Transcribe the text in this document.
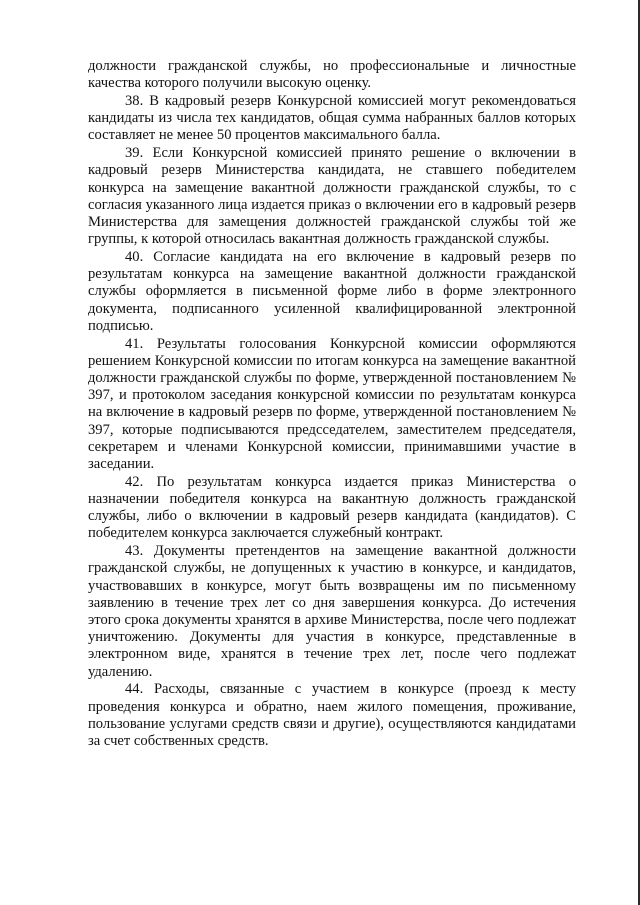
должности гражданской службы, но профессиональные и личностные качества которого получили высокую оценку.

38. В кадровый резерв Конкурсной комиссией могут рекомендоваться кандидаты из числа тех кандидатов, общая сумма набранных баллов которых составляет не менее 50 процентов максимального балла.

39. Если Конкурсной комиссией принято решение о включении в кадровый резерв Министерства кандидата, не ставшего победителем конкурса на замещение вакантной должности гражданской службы, то с согласия указанного лица издается приказ о включении его в кадровый резерв Министерства для замещения должностей гражданской службы той же группы, к которой относилась вакантная должность гражданской службы.

40. Согласие кандидата на его включение в кадровый резерв по результатам конкурса на замещение вакантной должности гражданской службы оформляется в письменной форме либо в форме электронного документа, подписанного усиленной квалифицированной электронной подписью.

41. Результаты голосования Конкурсной комиссии оформляются решением Конкурсной комиссии по итогам конкурса на замещение вакантной должности гражданской службы по форме, утвержденной постановлением № 397, и протоколом заседания конкурсной комиссии по результатам конкурса на включение в кадровый резерв по форме, утвержденной постановлением № 397, которые подписываются предсседателем, заместителем председателя, секретарем и членами Конкурсной комиссии, принимавшими участие в заседании.

42. По результатам конкурса издается приказ Министерства о назначении победителя конкурса на вакантную должность гражданской службы, либо о включении в кадровый резерв кандидата (кандидатов). С победителем конкурса заключается служебный контракт.

43. Документы претендентов на замещение вакантной должности гражданской службы, не допущенных к участию в конкурсе, и кандидатов, участвовавших в конкурсе, могут быть возвращены им по письменному заявлению в течение трех лет со дня завершения конкурса. До истечения этого срока документы хранятся в архиве Министерства, после чего подлежат уничтожению. Документы для участия в конкурсе, представленные в электронном виде, хранятся в течение трех лет, после чего подлежат удалению.

44. Расходы, связанные с участием в конкурсе (проезд к месту проведения конкурса и обратно, наем жилого помещения, проживание, пользование услугами средств связи и другие), осуществляются кандидатами за счет собственных средств.
